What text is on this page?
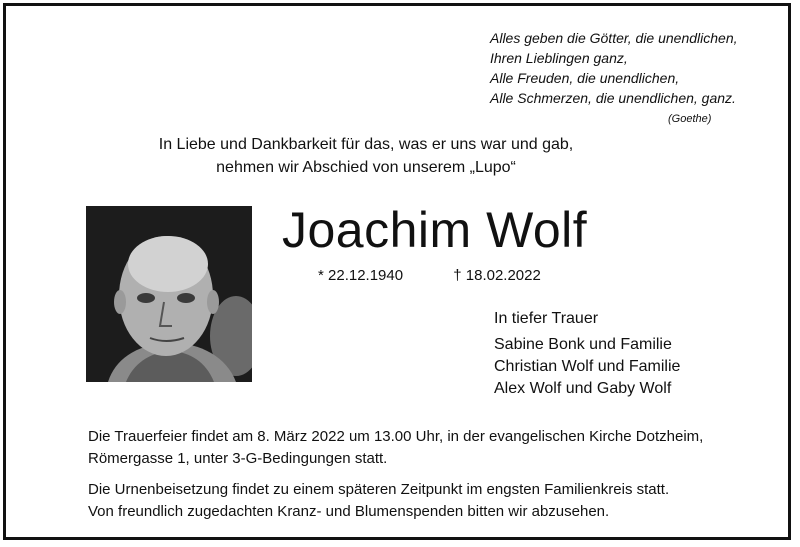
Alles geben die Götter, die unendlichen,
Ihren Lieblingen ganz,
Alle Freuden, die unendlichen,
Alle Schmerzen, die unendlichen, ganz.
(Goethe)
In Liebe und Dankbarkeit für das, was er uns war und gab,
nehmen wir Abschied von unserem „Lupo“
Joachim Wolf
* 22.12.1940	† 18.02.2022
In tiefer Trauer
Sabine Bonk und Familie
Christian Wolf und Familie
Alex Wolf und Gaby Wolf
Die Trauerfeier findet am 8. März 2022 um 13.00 Uhr, in der evangelischen Kirche Dotzheim,
Römergasse 1, unter 3-G-Bedingungen statt.
Die Urnenbeisetzung findet zu einem späteren Zeitpunkt im engsten Familienkreis statt.
Von freundlich zugedachten Kranz- und Blumenspenden bitten wir abzusehen.
